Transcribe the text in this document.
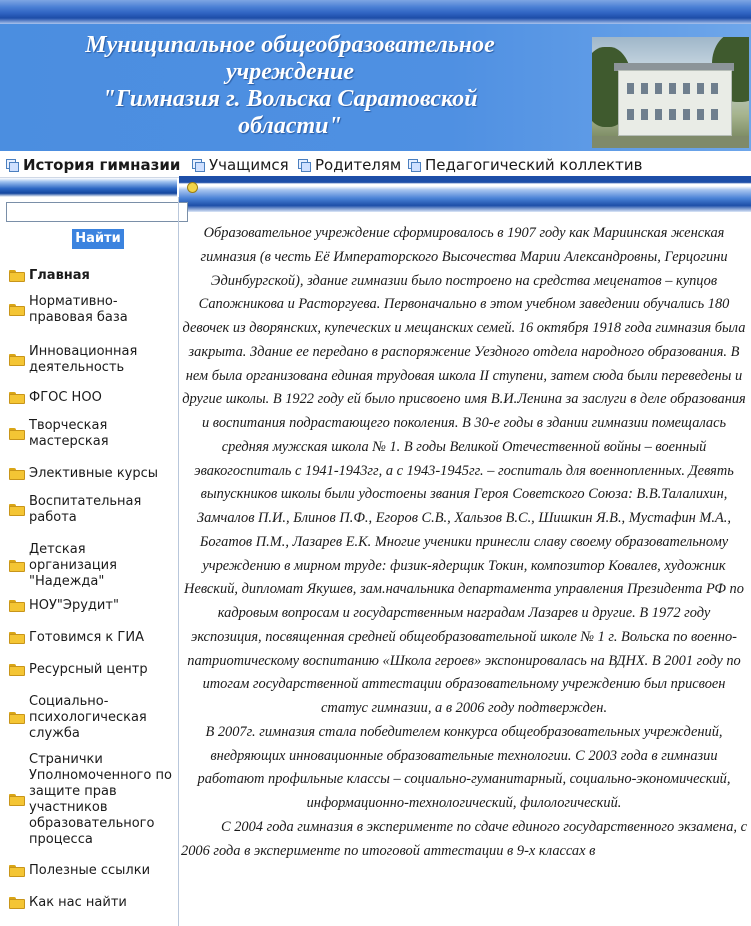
Муниципальное общеобразовательное
учреждение
"Гимназия г. Вольска Саратовской
области"
История гимназии Учащимся Родителям Педагогический коллектив
Найти
Главная
Нормативно-
правовая база
Инновационная
деятельность
ФГОС НОО
Творческая
мастерская
Элективные курсы
Воспитательная
работа
Детская
организация
"Надежда"
НОУ"Эрудит"
Готовимся к ГИА
Ресурсный центр
Социально-
психологическая
служба
Странички
Уполномоченного по
защите прав
участников
образовательного
процесса
Полезные ссылки
Как нас найти

Образовательное учреждение сформировалось в 1907 году как Мариинская женская гимназия (в честь Её Императорского Высочества Марии Александровны, Герцогини Эдинбургской), здание гимназии было построено на средства меценатов – купцов Сапожникова и Расторгуева. Первоначально в этом учебном заведении обучались 180 девочек из дворянских, купеческих и мещанских семей. 16 октября 1918 года гимназия была закрыта. Здание ее передано в распоряжение Уездного отдела народного образования. В нем была организована единая трудовая школа II ступени, затем сюда были переведены и другие школы. В 1922 году ей было присвоено имя В.И.Ленина за заслуги в деле образования и воспитания подрастающего поколения. В 30-е годы в здании гимназии помещалась средняя мужская школа № 1. В годы Великой Отечественной войны – военный эвакогоспиталь с 1941-1943гг, а с 1943-1945гг. – госпиталь для военнопленных. Девять выпускников школы были удостоены звания Героя Советского Союза: В.В.Талалихин, Замчалов П.И., Блинов П.Ф., Егоров С.В., Хальзов В.С., Шишкин Я.В., Мустафин М.А., Богатов П.М., Лазарев Е.К. Многие ученики принесли славу своему образовательному учреждению в мирном труде: физик-ядерщик Токин, композитор Ковалев, художник Невский, дипломат Якушев, зам.начальника департамента управления Президента РФ по кадровым вопросам и государственным наградам Лазарев и другие. В 1972 году экспозиция, посвященная средней общеобразовательной школе № 1 г. Вольска по военно-патриотическому воспитанию «Школа героев» экспонировалась на ВДНХ. В 2001 году по итогам государственной аттестации образовательному учреждению был присвоен статус гимназии, а в 2006 году подтвержден.

В 2007г. гимназия стала победителем конкурса общеобразовательных учреждений, внедряющих инновационные образовательные технологии. С 2003 года в гимназии работают профильные классы – социально-гуманитарный, социально-экономический, информационно-технологический, филологический.

С 2004 года гимназия в эксперименте по сдаче единого государственного экзамена, с 2006 года в эксперименте по итоговой аттестации в 9-х классах в
